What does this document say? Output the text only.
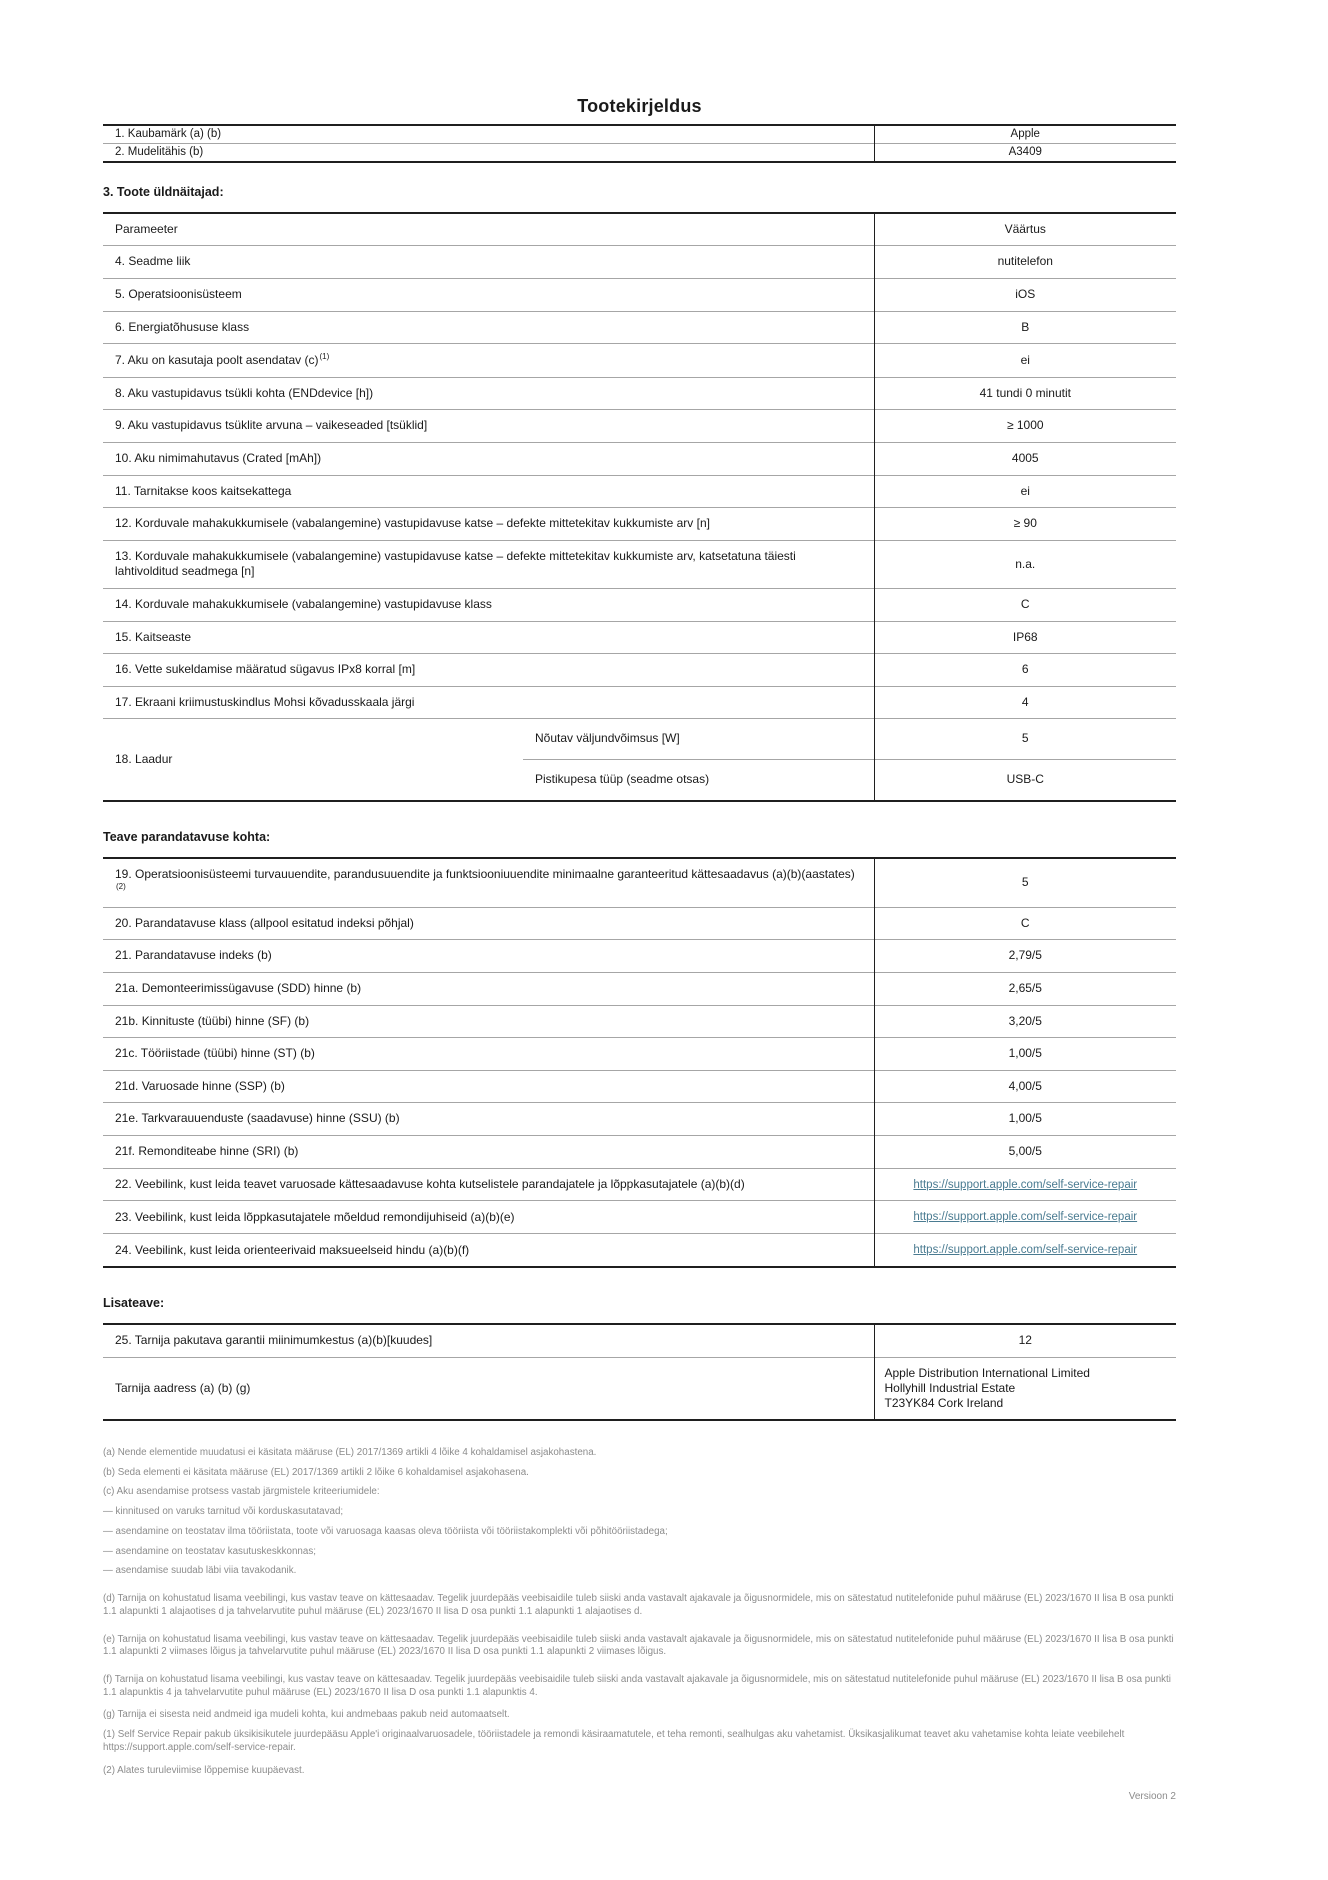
Tootekirjeldus
1. Kaubamärk (a) (b)	Apple
2. Mudelitähis (b)	A3409
3. Toote üldnäitajad:
Parameeter		Väärtus
4. Seadme liik		nutitelefon
5. Operatsioonisüsteem		iOS
6. Energiatõhususe klass		B
7. Aku on kasutaja poolt asendatav $(c)^{(1)}$		ei
8. Aku vastupidavus tsükli kohta (ENDdevice [h])		41 tundi 0 minutit
9. Aku vastupidavus tsüklite arvuna – vaikeseaded [tsüklid]		≥ 1000
10. Aku nimimahutavus (Crated [mAh])		4005
11. Tarnitakse koos kaitsekattega		ei
12. Korduvale mahakukkumisele (vabalangemine) vastupidavuse katse – defekte mittetekitav kukkumiste arv [n]		≥ 90
13. Korduvale mahakukkumisele (vabalangemine) vastupidavuse katse – defekte mittetekitav kukkumiste arv, katsetatuna täiesti lahtivolditud seadmega [n]		n.a.
14. Korduvale mahakukkumisele (vabalangemine) vastupidavuse klass		C
15. Kaitseaste		IP68
16. Vette sukeldamise määratud sügavus IPx8 korral [m]		6
17. Ekraani kriimustuskindlus Mohsi kõvadusskaala järgi		4
18. Laadur	Nõutav väljundvõimsus [W]	5
	Pistikupesa tüüp (seadme otsas)	USB-C
Teave parandatavuse kohta:
19. Operatsioonisüsteemi turvauuendite, parandusuuendite ja funktsiooniuuendite minimaalne garanteeritud kättesaadavus (a)(b)(aastates)$^{(2)}$	5
20. Parandatavuse klass (allpool esitatud indeksi põhjal)	C
21. Parandatavuse indeks (b)	2,79/5
21a. Demonteerimissügavuse (SDD) hinne (b)	2,65/5
21b. Kinnituste (tüübi) hinne (SF) (b)	3,20/5
21c. Tööriistade (tüübi) hinne (ST) (b)	1,00/5
21d. Varuosade hinne (SSP) (b)	4,00/5
21e. Tarkvarauuenduste (saadavuse) hinne (SSU) (b)	1,00/5
21f. Remonditeabe hinne (SRI) (b)	5,00/5
22. Veebilink, kust leida teavet varuosade kättesaadavuse kohta kutselistele parandajatele ja lõppkasutajatele (a)(b)(d)	https://support.apple.com/self-service-repair
23. Veebilink, kust leida lõppkasutajatele mõeldud remondijuhiseid (a)(b)(e)	https://support.apple.com/self-service-repair
24. Veebilink, kust leida orienteerivaid maksueelseid hindu (a)(b)(f)	https://support.apple.com/self-service-repair
Lisateave:
25. Tarnija pakutava garantii miinimumkestus (a)(b)[kuudes]	12
Tarnija aadress (a) (b) (g)	Apple Distribution International Limited
Hollyhill Industrial Estate
T23YK84 Cork Ireland

(a) Nende elementide muudatusi ei käsitata määruse (EL) 2017/1369 artikli 4 lõike 4 kohaldamisel asjakohastena.

(b) Seda elementi ei käsitata määruse (EL) 2017/1369 artikli 2 lõike 6 kohaldamisel asjakohasena.

(c) Aku asendamise protsess vastab järgmistele kriteeriumidele:

— kinnitused on varuks tarnitud või korduskasutatavad;

— asendamine on teostatav ilma tööriistata, toote või varuosaga kaasas oleva tööriista või tööriistakomplekti või põhitööriistadega;

— asendamine on teostatav kasutuskeskkonnas;

— asendamise suudab läbi viia tavakodanik.

(d) Tarnija on kohustatud lisama veebilingi, kus vastav teave on kättesaadav. Tegelik juurdepääs veebisaidile tuleb siiski anda vastavalt ajakavale ja õigusnormidele, mis on sätestatud nutitelefonide puhul määruse (EL) 2023/1670 II lisa B osa punkti 1.1 alapunkti 1 alajaotises d ja tahvelarvutite puhul määruse (EL) 2023/1670 II lisa D osa punkti 1.1 alapunkti 1 alajaotises d.

(e) Tarnija on kohustatud lisama veebilingi, kus vastav teave on kättesaadav. Tegelik juurdepääs veebisaidile tuleb siiski anda vastavalt ajakavale ja õigusnormidele, mis on sätestatud nutitelefonide puhul määruse (EL) 2023/1670 II lisa B osa punkti 1.1 alapunkti 2 viimases lõigus ja tahvelarvutite puhul määruse (EL) 2023/1670 II lisa D osa punkti 1.1 alapunkti 2 viimases lõigus.

(f) Tarnija on kohustatud lisama veebilingi, kus vastav teave on kättesaadav. Tegelik juurdepääs veebisaidile tuleb siiski anda vastavalt ajakavale ja õigusnormidele, mis on sätestatud nutitelefonide puhul määruse (EL) 2023/1670 II lisa B osa punkti 1.1 alapunktis 4 ja tahvelarvutite puhul määruse (EL) 2023/1670 II lisa D osa punkti 1.1 alapunktis 4.

(g) Tarnija ei sisesta neid andmeid iga mudeli kohta, kui andmebaas pakub neid automaatselt.

(1) Self Service Repair pakub üksikisikutele juurdepääsu Apple'i originaalvaruosadele, tööriistadele ja remondi käsiraamatutele, et teha remonti, sealhulgas aku vahetamist. Üksikasjalikumat teavet aku vahetamise kohta leiate veebilehelt https://support.apple.com/self-service-repair.

(2) Alates turuleviimise lõppemise kuupäevast.

Versioon 2
